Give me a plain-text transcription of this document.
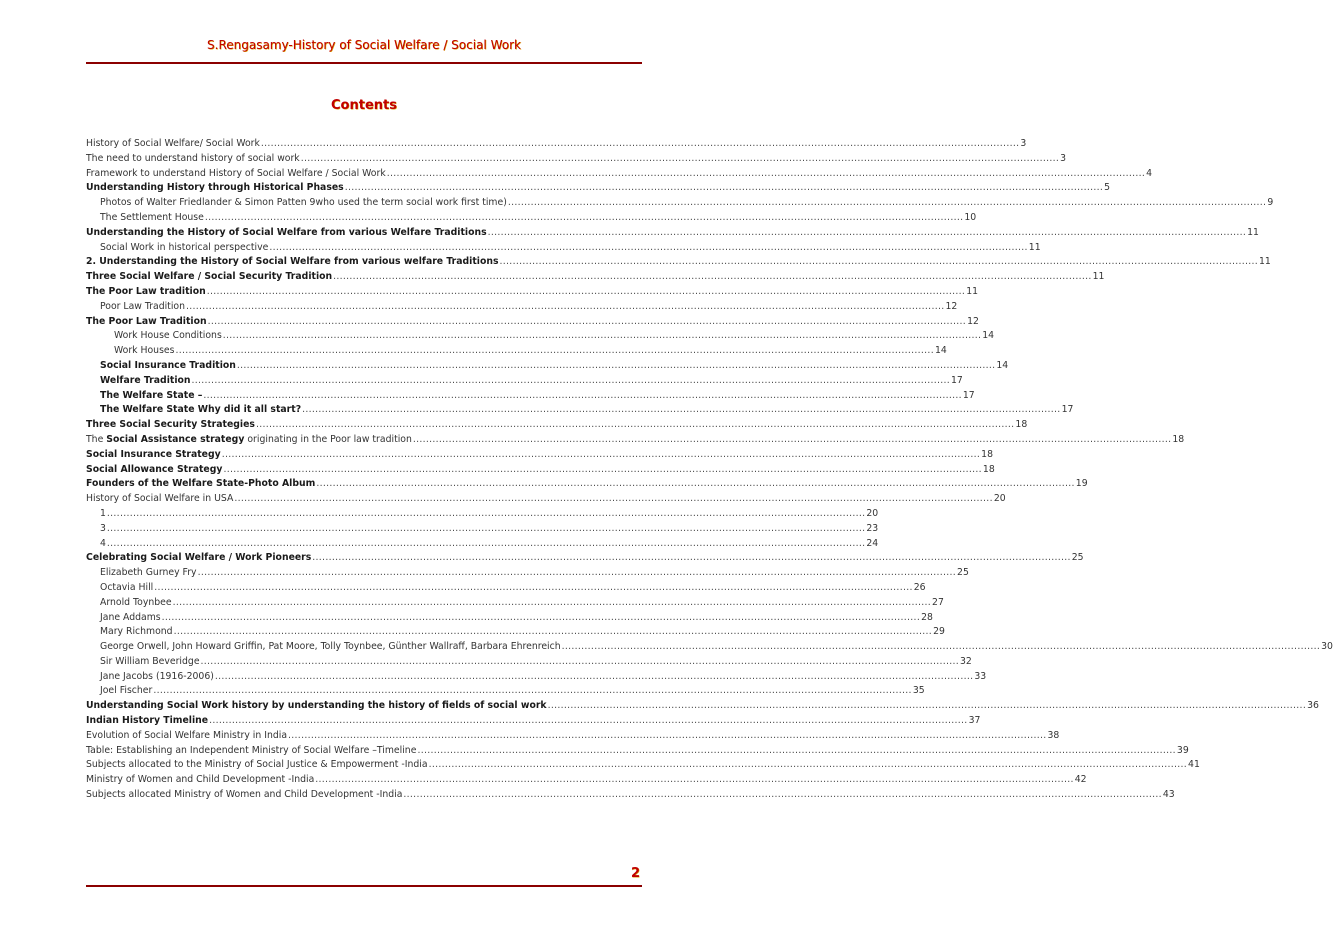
S.Rengasamy-History of Social Welfare / Social Work
Contents
History of Social Welfare/ Social Work .....	3
The need to understand history of social work .....	3
Framework to understand History of Social Welfare / Social Work .....	4
Understanding History through Historical Phases .....	5
Photos of Walter Friedlander & Simon Patten 9who used the term social work first time) .....	9
The Settlement House .....	10
Understanding the History of Social Welfare from various Welfare Traditions .....	11
Social Work in historical perspective .....	11
2. Understanding the History of Social Welfare from various welfare Traditions .....	11
Three Social Welfare / Social Security Tradition .....	11
The Poor Law tradition .....	11
Poor Law Tradition .....	12
The Poor Law Tradition .....	12
Work House Conditions .....	14
Work Houses .....	14
Social Insurance Tradition .....	14
Welfare Tradition .....	17
The Welfare State – .....	17
The Welfare State Why did it all start? .....	17
Three Social Security Strategies .....	18
The Social Assistance strategy originating in the Poor law tradition .....	18
Social Insurance Strategy .....	18
Social Allowance Strategy .....	18
Founders of the Welfare State-Photo Album .....	19
History of Social Welfare in USA .....	20
1 .....	20
3 .....	23
4 .....	24
Celebrating Social Welfare / Work Pioneers .....	25
Elizabeth Gurney Fry .....	25
Octavia Hill .....	26
Arnold Toynbee .....	27
Jane Addams .....	28
Mary Richmond .....	29
George Orwell, John Howard Griffin, Pat Moore, Tolly Toynbee, Günther Wallraff, Barbara Ehrenreich .....	30
Sir William Beveridge .....	32
Jane Jacobs (1916-2006) .....	33
Joel Fischer .....	35
Understanding Social Work history by understanding the history of fields of social work .....	36
Indian History Timeline .....	37
Evolution of Social Welfare Ministry in India .....	38
Table: Establishing an Independent Ministry of Social Welfare –Timeline .....	39
Subjects allocated to the Ministry of Social Justice & Empowerment -India .....	41
Ministry of Women and Child Development -India .....	42
Subjects allocated Ministry of Women and Child Development -India .....	43
2
